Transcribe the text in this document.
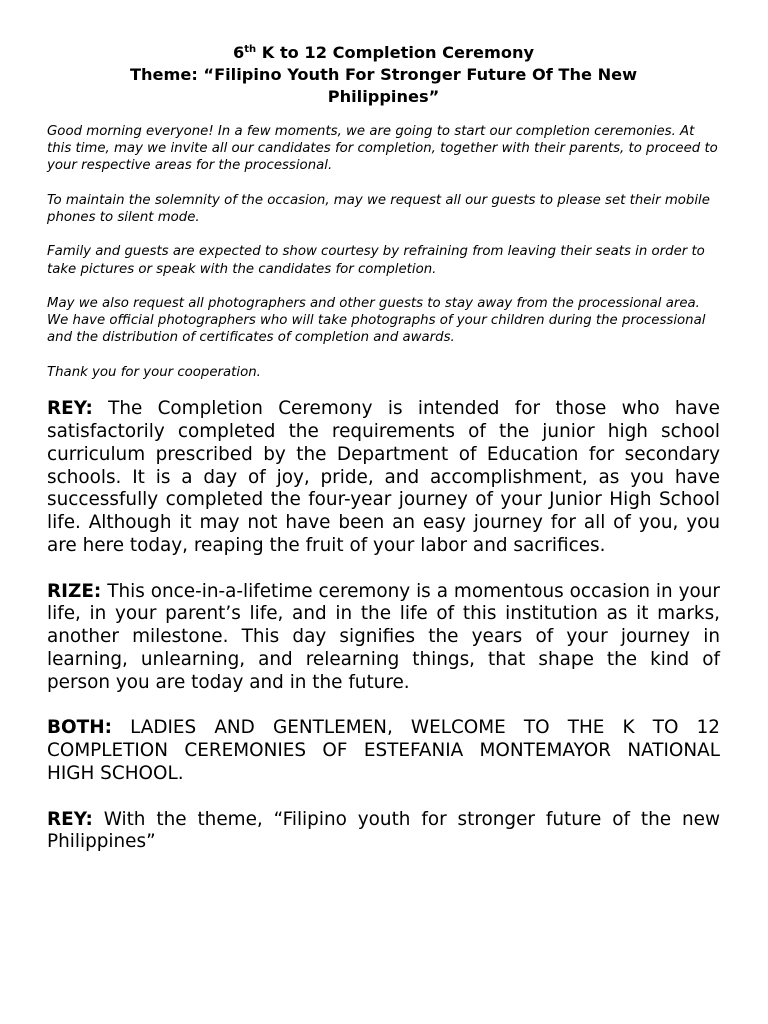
6th K to 12 Completion Ceremony
Theme: “Filipino Youth For Stronger Future Of The New
Philippines”

Good morning everyone! In a few moments, we are going to start our completion ceremonies. At this time, may we invite all our candidates for completion, together with their parents, to proceed to your respective areas for the processional.

To maintain the solemnity of the occasion, may we request all our guests to please set their mobile phones to silent mode.

Family and guests are expected to show courtesy by refraining from leaving their seats in order to take pictures or speak with the candidates for completion.

May we also request all photographers and other guests to stay away from the processional area. We have official photographers who will take photographs of your children during the processional and the distribution of certificates of completion and awards.

Thank you for your cooperation.

REY: The Completion Ceremony is intended for those who have satisfactorily completed the requirements of the junior high school curriculum prescribed by the Department of Education for secondary schools. It is a day of joy, pride, and accomplishment, as you have successfully completed the four-year journey of your Junior High School life. Although it may not have been an easy journey for all of you, you are here today, reaping the fruit of your labor and sacrifices.

RIZE: This once-in-a-lifetime ceremony is a momentous occasion in your life, in your parent’s life, and in the life of this institution as it marks, another milestone. This day signifies the years of your journey in learning, unlearning, and relearning things, that shape the kind of person you are today and in the future.

BOTH: LADIES AND GENTLEMEN, WELCOME TO THE K TO 12 COMPLETION CEREMONIES OF ESTEFANIA MONTEMAYOR NATIONAL HIGH SCHOOL.

REY: With the theme, “Filipino youth for stronger future of the new Philippines”
